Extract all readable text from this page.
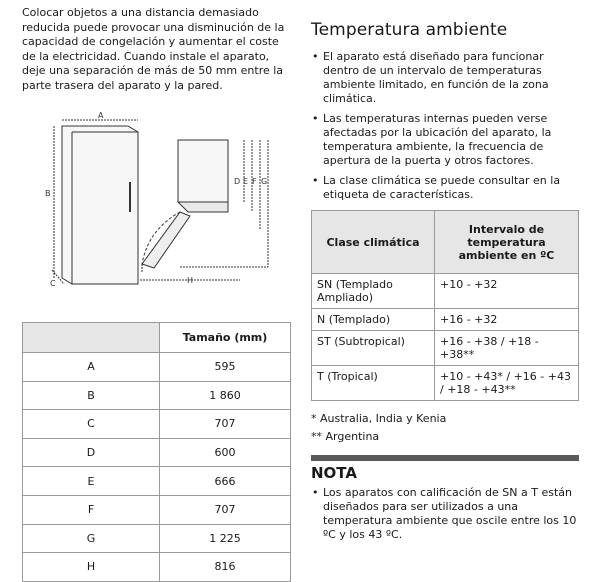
Colocar objetos a una distancia demasiado reducida puede provocar una disminución de la capacidad de congelación y aumentar el coste de la electricidad. Cuando instale el aparato, deje una separación de más de 50 mm entre la parte trasera del aparato y la pared.

A
B
C
D E F G
H
	Tamaño (mm)
A	595
B	1 860
C	707
D	600
E	666
F	707
G	1 225
H	816
Temperatura ambiente
• El aparato está diseñado para funcionar dentro de un intervalo de temperaturas ambiente limitado, en función de la zona climática.
• Las temperaturas internas pueden verse afectadas por la ubicación del aparato, la temperatura ambiente, la frecuencia de apertura de la puerta y otros factores.
• La clase climática se puede consultar en la etiqueta de características.
Clase climática	Intervalo de temperatura ambiente en ºC
SN (Templado Ampliado)	+10 - +32
N (Templado)	+16 - +32
ST (Subtropical)	+16 - +38 / +18 - +38**
T (Tropical)	+10 - +43* / +16 - +43 / +18 - +43**
* Australia, India y Kenia
** Argentina
NOTA
• Los aparatos con calificación de SN a T están diseñados para ser utilizados a una temperatura ambiente que oscile entre los 10 ºC y los 43 ºC.
